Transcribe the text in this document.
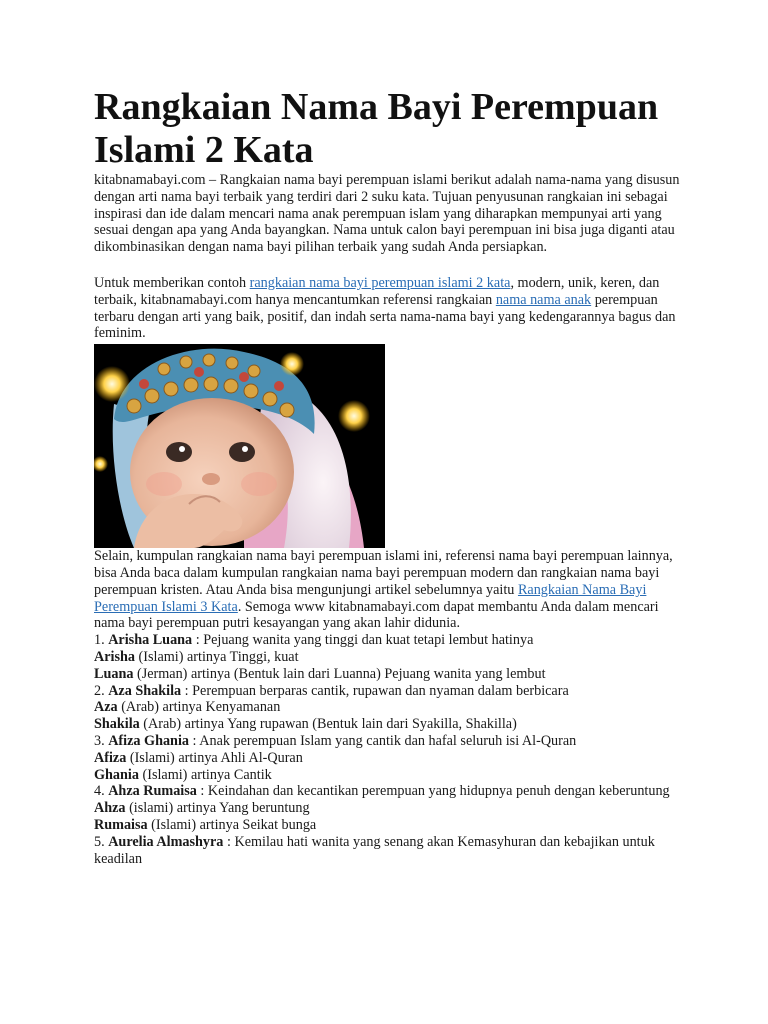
Rangkaian Nama Bayi Perempuan Islami 2 Kata

kitabnamabayi.com – Rangkaian nama bayi perempuan islami berikut adalah nama-nama yang disusun dengan arti nama bayi terbaik yang terdiri dari 2 suku kata. Tujuan penyusunan rangkaian ini sebagai inspirasi dan ide dalam mencari nama anak perempuan islam yang diharapkan mempunyai arti yang sesuai dengan apa yang Anda bayangkan. Nama untuk calon bayi perempuan ini bisa juga diganti atau dikombinasikan dengan nama bayi pilihan terbaik yang sudah Anda persiapkan.

Untuk memberikan contoh rangkaian nama bayi perempuan islami 2 kata, modern, unik, keren, dan terbaik, kitabnamabayi.com hanya mencantumkan referensi rangkaian nama nama anak perempuan terbaru dengan arti yang baik, positif, dan indah serta nama-nama bayi yang kedengarannya bagus dan feminim.

Selain, kumpulan rangkaian nama bayi perempuan islami ini, referensi nama bayi perempuan lainnya, bisa Anda baca dalam kumpulan rangkaian nama bayi perempuan modern dan rangkaian nama bayi perempuan kristen. Atau Anda bisa mengunjungi artikel sebelumnya yaitu Rangkaian Nama Bayi Perempuan Islami 3 Kata. Semoga www kitabnamabayi.com dapat membantu Anda dalam mencari nama bayi perempuan putri kesayangan yang akan lahir didunia.

1. Arisha Luana : Pejuang wanita yang tinggi dan kuat tetapi lembut hatinya
Arisha (Islami) artinya Tinggi, kuat
Luana (Jerman) artinya (Bentuk lain dari Luanna) Pejuang wanita yang lembut
2. Aza Shakila : Perempuan berparas cantik, rupawan dan nyaman dalam berbicara
Aza (Arab) artinya Kenyamanan
Shakila (Arab) artinya Yang rupawan (Bentuk lain dari Syakilla, Shakilla)
3. Afiza Ghania : Anak perempuan Islam yang cantik dan hafal seluruh isi Al-Quran
Afiza (Islami) artinya Ahli Al-Quran
Ghania (Islami) artinya Cantik
4. Ahza Rumaisa : Keindahan dan kecantikan perempuan yang hidupnya penuh dengan keberuntung
Ahza (islami) artinya Yang beruntung
Rumaisa (Islami) artinya Seikat bunga
5. Aurelia Almashyra : Kemilau hati wanita yang senang akan Kemasyhuran dan kebajikan untuk keadilan
